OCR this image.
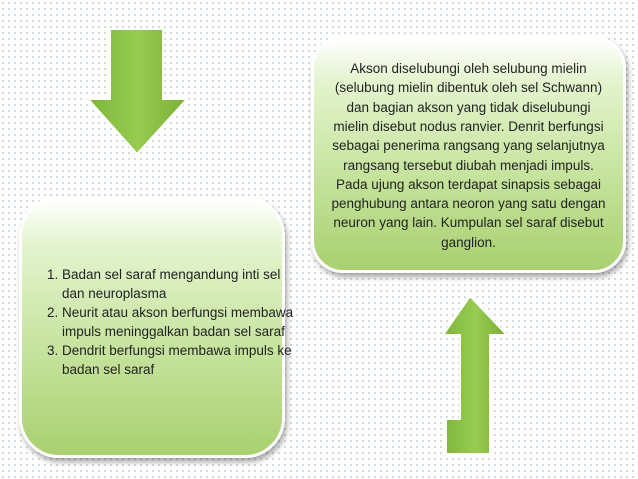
1. Badan sel saraf mengandung inti sel dan neuroplasma
2. Neurit atau akson berfungsi membawa impuls meninggalkan badan sel saraf
3. Dendrit berfungsi membawa impuls ke badan sel saraf
Akson diselubungi oleh selubung mielin (selubung mielin dibentuk oleh sel Schwann) dan bagian akson yang tidak diselubungi mielin disebut nodus ranvier. Denrit berfungsi sebagai penerima rangsang yang selanjutnya rangsang tersebut diubah menjadi impuls. Pada ujung akson terdapat sinapsis sebagai penghubung antara neoron yang satu dengan neuron yang lain. Kumpulan sel saraf disebut ganglion.
